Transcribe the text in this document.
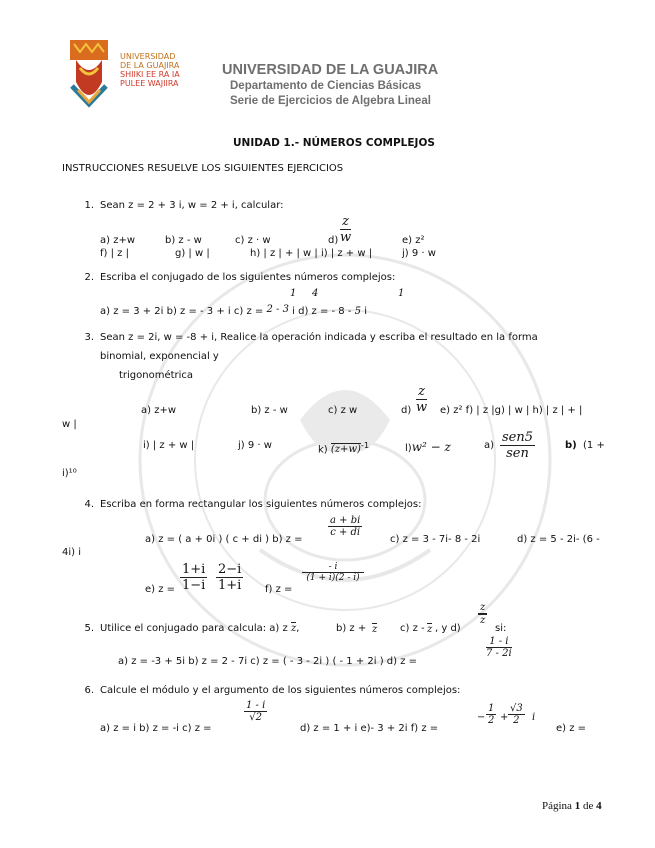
UNIVERSIDAD
DE LA GUAJIRA
SHIIKI EE RA IA
PULEE WAJIIRA
UNIVERSIDAD DE LA GUAJIRA
Departamento de Ciencias Básicas
Serie de Ejercicios de Algebra Lineal
UNIDAD 1.- NÚMEROS COMPLEJOS
INSTRUCCIONES RESUELVE LOS SIGUIENTES EJERCICIOS
1. Sean z = 2 + 3 i, w = 2 + i, calcular:
a) z+w	b) z - w	c) z · w	$d) \frac{z}{w}$	e) z²
f) | z |	g) | w |	h) | z | + | w | i) | z + w |	j) 9 · w
2. Escriba el conjugado de los siguientes números complejos:
a) z = 3 + 2i b) z = - 3 + i c) z = 2 - 3 i d) z = - 8 - 5 i
1 4	1
3. Sean z = 2i, w = -8 + i, Realice la operación indicada y escriba el resultado en la forma
binomial, exponencial y
trigonométrica
a) z+w	b) z - w	c) z w	$d) \frac{z}{w} e$) z² f) | z |g) | w | h) | z | + |
w |
i) | z + w |	j) 9 · w	k) $(z+w)^{-1}$	l)w² − z	a)
sen5
sen
b) (1 +
i)¹⁰
4. Escriba en forma rectangular los siguientes números complejos:
a) z = ( a + 0i ) ( c + di ) b) z =
$\frac{a + bi}{c + di}$
c) z = 3 - 7i- 8 - 2i	d) z = 5 - 2i- (6 -
4i) i
e) $z = \frac{1+i}{1-i} \frac{2-i}{1+i} f$) z =
$\frac{- i}{(1 + i)(2 - i)}$
5. Utilice el conjugado para calcula: a) z z,	b) z + z c) z - z , y d)
$\frac{z}{z}$
si:
a) z = -3 + 5i b) z = 2 - 7i c) z = ( - 3 - 2i ) ( - 1 + 2i ) d) z =
$\frac{1 - i}{7 - 2i}$
6. Calcule el módulo y el argumento de los siguientes números complejos:
a) z = i b) z = -i c) z =
$\frac{1 - i}{√2}$
d) z = 1 + i e)- 3 + 2i f) z =
− $\frac{1}{2} + \frac{√3}{2}$ i
e) z =
Página 1 de 4
